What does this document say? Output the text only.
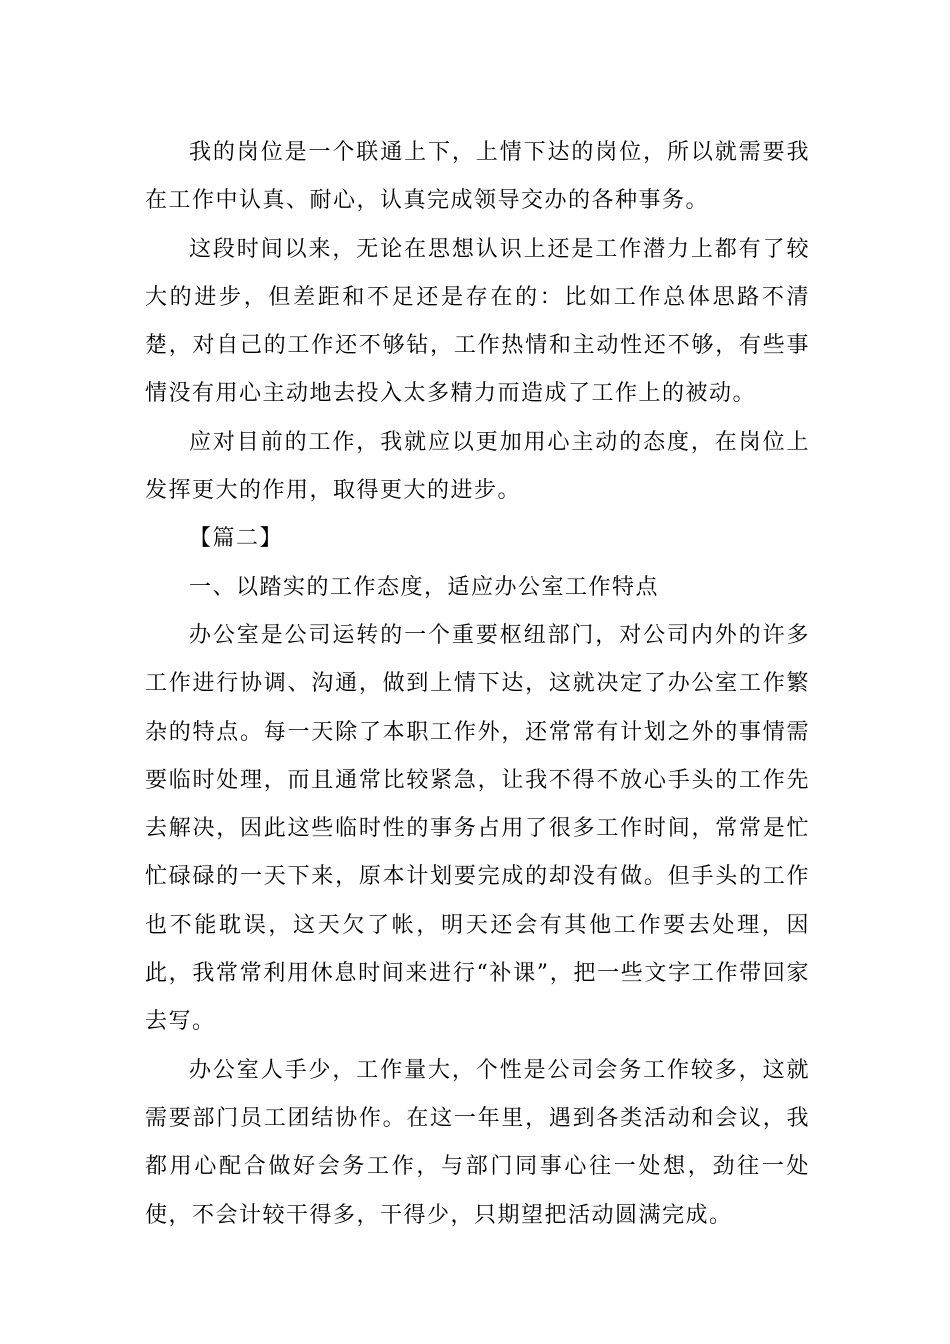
我的岗位是一个联通上下，上情下达的岗位，所以就需要我在工作中认真、耐心，认真完成领导交办的各种事务。

这段时间以来，无论在思想认识上还是工作潜力上都有了较大的进步，但差距和不足还是存在的：比如工作总体思路不清楚，对自己的工作还不够钻，工作热情和主动性还不够，有些事情没有用心主动地去投入太多精力而造成了工作上的被动。

应对目前的工作，我就应以更加用心主动的态度，在岗位上发挥更大的作用，取得更大的进步。

【篇二】

一、以踏实的工作态度，适应办公室工作特点

办公室是公司运转的一个重要枢纽部门，对公司内外的许多工作进行协调、沟通，做到上情下达，这就决定了办公室工作繁杂的特点。每一天除了本职工作外，还常常有计划之外的事情需要临时处理，而且通常比较紧急，让我不得不放心手头的工作先去解决，因此这些临时性的事务占用了很多工作时间，常常是忙忙碌碌的一天下来，原本计划要完成的却没有做。但手头的工作也不能耽误，这天欠了帐，明天还会有其他工作要去处理，因此，我常常利用休息时间来进行“补课”，把一些文字工作带回家去写。

办公室人手少，工作量大，个性是公司会务工作较多，这就需要部门员工团结协作。在这一年里，遇到各类活动和会议，我都用心配合做好会务工作，与部门同事心往一处想，劲往一处使，不会计较干得多，干得少，只期望把活动圆满完成。
